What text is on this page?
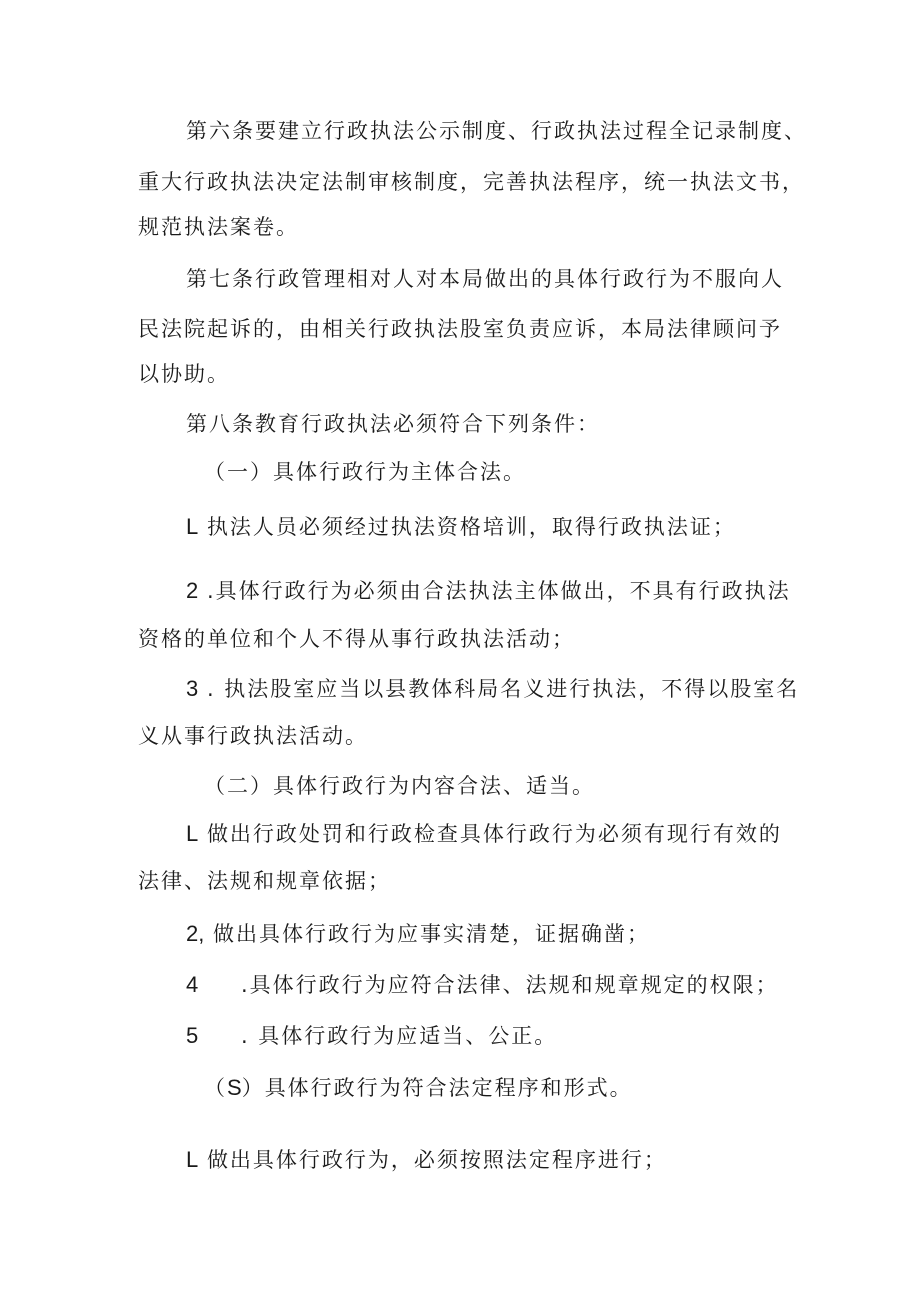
第六条要建立行政执法公示制度、行政执法过程全记录制度、
重大行政执法决定法制审核制度，完善执法程序，统一执法文书，
规范执法案卷。
第七条行政管理相对人对本局做出的具体行政行为不服向人
民法院起诉的，由相关行政执法股室负责应诉，本局法律顾问予
以协助。
第八条教育行政执法必须符合下列条件：
（一）具体行政行为主体合法。
L 执法人员必须经过执法资格培训，取得行政执法证；
2 .具体行政行为必须由合法执法主体做出，不具有行政执法
资格的单位和个人不得从事行政执法活动；
3 . 执法股室应当以县教体科局名义进行执法，不得以股室名
义从事行政执法活动。
（二）具体行政行为内容合法、适当。
L 做出行政处罚和行政检查具体行政行为必须有现行有效的
法律、法规和规章依据；
2, 做出具体行政行为应事实清楚，证据确凿；
4 .具体行政行为应符合法律、法规和规章规定的权限；
5 . 具体行政行为应适当、公正。
（S）具体行政行为符合法定程序和形式。
L 做出具体行政行为，必须按照法定程序进行；
